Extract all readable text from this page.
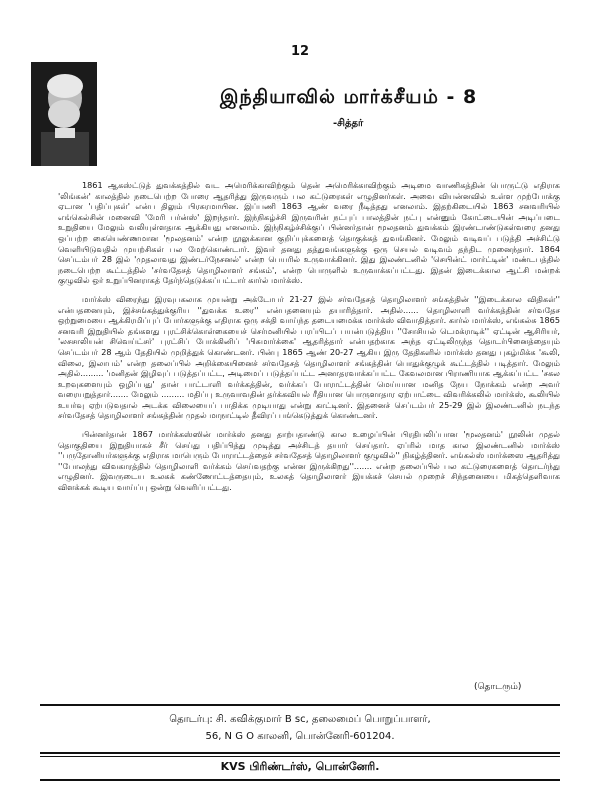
12
இந்தியாவில் மார்க்சீயம் - 8
-சித்தர்

1861 ஆகஸ்ட்டுத் துவக்கத்தில் வட அமெரிக்காவிற்கும் தென் அமெரிக்காவிற்கும் அடிமை வாணிகத்தின் பொருட்டு எதிராக 'லிங்கன்' காலத்தில் நடைபெற்ற போரை ஆதரித்து இருவரும் பல கட்டுரைகள் எழுதினர்கள். அவை வியன்னவில் உள்ள முற்போக்கு ஏடான 'பதிப்புகள்' என்ப திலும் பிரசுரமாயின. இப்பணி 1863 ஆண் வரை நீடித்தது எனலாம். இதற்கிடையில் 1863 சனவரியில் எங்கெல்சின் மனைவி 'மேரி பர்ன்ஸ்' இறந்தார். இந்நிகழ்ச்சி இருவரின் நட்புப் பாலத்தின் நட்பு என்னும் கோட்டையின் அடிப்படை உறுதியை மேலும் வலியுள்ளதாக ஆக்கியது எனலாம். இந்நிகழ்ச்சிக்குப் பின்னர்தான் மூலதனம் துவக்கம் இரண்டாண்டுகள்வரை தனது ஒப்பற்ற கையெண்ணமான 'மூலதனம்' என்ற நூலுக்கான குறிப்புக்களைத் தொகுக்கத் துவங்கினர். மேலும் வடிவப் படுத்தி அச்சிட்டு வெளியிடுவதில் முயற்சிகள் பல மேற்கொண்டார். இவர் தனது தத்துவங்களுக்கு ஒரு செயல் வடிவம் தந்திட முனைந்தார். 1864 செப்டம்பர் 28 இல் 'முதலாவது இண்டர்நேசனல்' என்ற பெயரில் உருவாக்கினர். இது இலண்டனில் 'செயின்ட் மார்ட்டின்' மண்டபத்தில் நடைபெற்ற கூட்டத்தில் 'சர்வதேசத் தொழிலாளர் சங்கம்', என்ற பொருளில் உருவாக்கப்பட்டது. இதன் இடைக்கால ஆட்சி மன்றக் குழுவில் ஒர் உறுப்பினராகத் தேர்ந்தெடுக்கப்பட்டார் கார்ல் மார்க்ஸ்.

மார்க்ஸ் விரைந்து இரவுபகலாக முயன்று அக்டோபர் 21-27 இல் சர்வதேசத் தொழிலாளர் சங்கத்தின் ''இடைக்கால விதிகள்'' என்பதனையும், இச்சங்கத்துக்குரிய ''துவக்க உரை'' என்பதனையும் தயாரித்தார். அதில்...... தொழிலாளி வர்க்கத்தின் சர்வதேச ஒற்றுமையை ஆக்கிரமிப்புப் போர்களுக்கு எதிராக ஒரு சக்தி வாய்ந்த தடையமைக்க மார்க்ஸ் விவாதித்தார். கார்ல் மார்க்ஸ், எங்கல்சு 1865 சனவரி இறுதியில் தங்களது புரட்சிக்கொள்கையைச் செர்மனியில் பரப்பிடப் பயன்படுத்திய ''சோசியல் டெமக்ராடிக்'' ஏட்டின் ஆசிரியர், 'லசசாலியன் சிவெய்ட்சர்' புரட்சிப் போக்கினிப் 'பிசுமார்க்கை' ஆதரித்தார் என்பதற்காக அந்த ஏட்டிலிருந்த தொடர்பினைத்தையும் செப்டம்பர் 28 ஆம் தேதியில் முறித்துக் கொண்டனர். பின்பு 1865 ஆண் 20-27 ஆகிய இரு தேதிகளில் மார்க்ஸ் தனது புகழ்மிக்க 'கூலி, விலை, இலாபம்' என்ற தலைப்பில் அறிக்கையினைச் சர்வதேசத் தொழிலாளர் சங்கத்தின் பொதுக்குழுக் கூட்டத்தில் படித்தார். மேலும் அதில்......... 'மனிதன் இழிவுப் படுத்தப்பட்ட, அடிமைப் படுத்தப்பட்ட அனாதரவாக்கப்பட்ட கேவலமான பிராணியாக ஆக்கப்பட்ட 'சகல உறவுகளையும் ஒழிப்பது' தான் பாட்டாளி வர்க்கத்தின், வர்க்கப் போராட்டத்தின் மெய்யான மனித நேய நோக்கம் என்ற அவர் வரையறுத்தார்....... மேலும் ......... மதிப்பு உருவாவதின் தர்க்கவியல் ரீதியான பொருளாதார ஏற்பாட்டை விவரிக்கலில் மார்க்ஸ், கூலியில் உயர்வு ஏற்படுவதால் அடக்க விலையைப் பாதிக்க முடியாது என்று காட்டினர். இதனைச் செப்டம்பர் 25-29 இல் இலண்டனில் நடந்த சர்வதேசத் தொழிலாளர் சங்கத்தின் முதல் மாநாட்டில் தீவிரப் பங்கெடுத்துக் கொண்டனர்.

பின்னர்தான் 1867 மார்க்கஸ்ஸின் மார்க்ஸ் தனது தாற்பதாண்டு கால உழைப்பின் பிரதிபலிப்பான 'மூலதனம்' நூலின் முதல் தொகுதியை இறுதியாகச் சீர் செய்து பதிப்பித்து முடித்து அச்சிடத் தயார் செய்தார். ஏப்ரில் மாத கால இலண்டனில் மார்க்ஸ் ''பருதோனியர்களுக்கு எதிராக மாபெரும் போராட்டத்தைச் சர்வதேசத் தொழிலாளர் குழுவில்'' நிகழ்த்தினர். எங்கல்ஸ் மார்க்ஸை ஆதரித்து ''போலந்து விவகாரத்தில் தொழிலாளி வர்க்கம் செய்வதற்கு என்ன இருக்கிறது''....... என்ற தலைப்பில் பல கட்டுரைகளைத் தொடர்ந்து எழுதினர். இவருடைய உலகக் கண்ணோட்டத்தையும், உலகத் தொழிலாளர் இயக்கச் செயல் முறைச் சிந்தனையை மிகத்தெளிவாக விளக்கக் கூடிய வாய்ப்பு ஒன்று வெளிப்பட்டது.

(தொடரும்)
தொடர்பு: சி. கவிக்குமார் B sc, தலைமைப் பொறுப்பாளர்,
56, N G O காலனி, பொன்னேரி-601204.
KVS பிரிண்டர்ஸ், பொன்னேரி.
